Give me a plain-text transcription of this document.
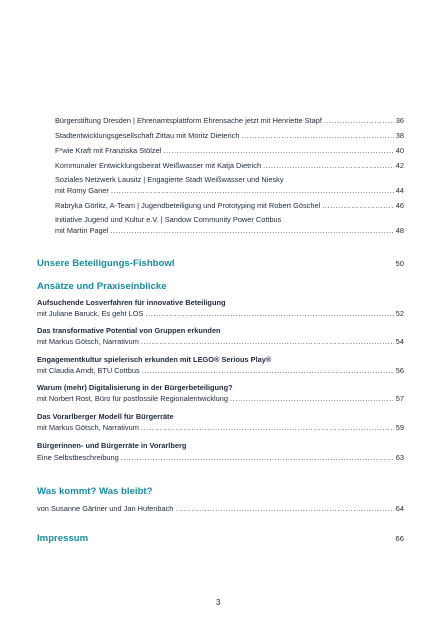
Bürgerstiftung Dresden | Ehrenamtsplattform Ehrensache jetzt mit Henriette Stapf .....	36
Stadtentwicklungsgesellschaft Zittau mit Moritz Dieterich .....	38
F*wie Kraft mit Franziska Stölzel .....	40
Kommunaler Entwicklungsbeirat Weißwasser mit Katja Dietrich .....	42
Soziales Netzwerk Lausitz | Engagierte Stadt Weißwasser und Niesky
mit Romy Ganer .....	44
Rabryka Görlitz, A-Team | Jugendbeteiligung und Prototyping mit Robert Göschel .....	46
Initiative Jugend und Kultur e.V. | Sandow Community Power Cottbus
mit Martin Pagel .....	48
Unsere Beteiligungs-Fishbowl	50
Ansätze und Praxiseinblicke
Aufsuchende Losverfahren für innovative Beteiligung
mit Juliane Baruck, Es geht LOS .....	52
Das transformative Potential von Gruppen erkunden
mit Markus Götsch, Narrativum .....	54
Engagementkultur spielerisch erkunden mit LEGO® Serious Play®
mit Claudia Arndt, BTU Cottbus .....	56
Warum (mehr) Digitalisierung in der Bürgerbeteiligung?
mit Norbert Rost, Büro für postfossile Regionalentwicklung .....	57
Das Vorarlberger Modell für Bürgerräte
mit Markus Götsch, Narrativum .....	59
Bürgerinnen- und Bürgerräte in Vorarlberg
Eine Selbstbeschreibung .....	63
Was kommt? Was bleibt?
von Susanne Gärtner und Jan Hufenbach .....	64
Impressum	66
3
